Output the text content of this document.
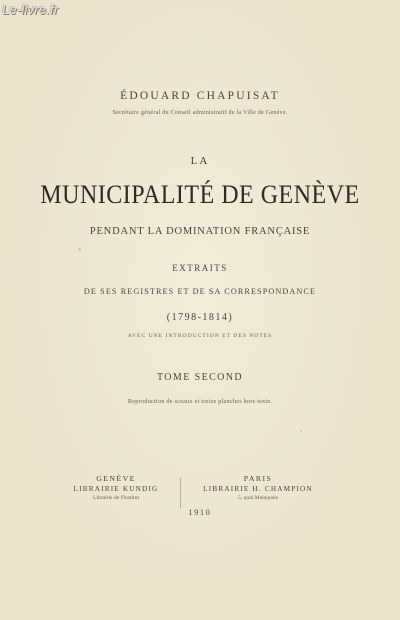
Le-livre.fr
ÉDOUARD CHAPUISAT
Secrétaire général du Conseil administratif de la Ville de Genève.
LA
MUNICIPALITÉ DE GENÈVE
PENDANT LA DOMINATION FRANÇAISE
EXTRAITS
DE SES REGISTRES ET DE SA CORRESPONDANCE
(1798-1814)
AVEC UNE INTRODUCTION ET DES NOTES
TOME SECOND
Reproduction de sceaux et treize planches hors texte.
GENÈVE
LIBRAIRIE KUNDIG
Librairie de l'Institut
PARIS
LIBRAIRIE H. CHAMPION
5, quai Malaquais
1910
